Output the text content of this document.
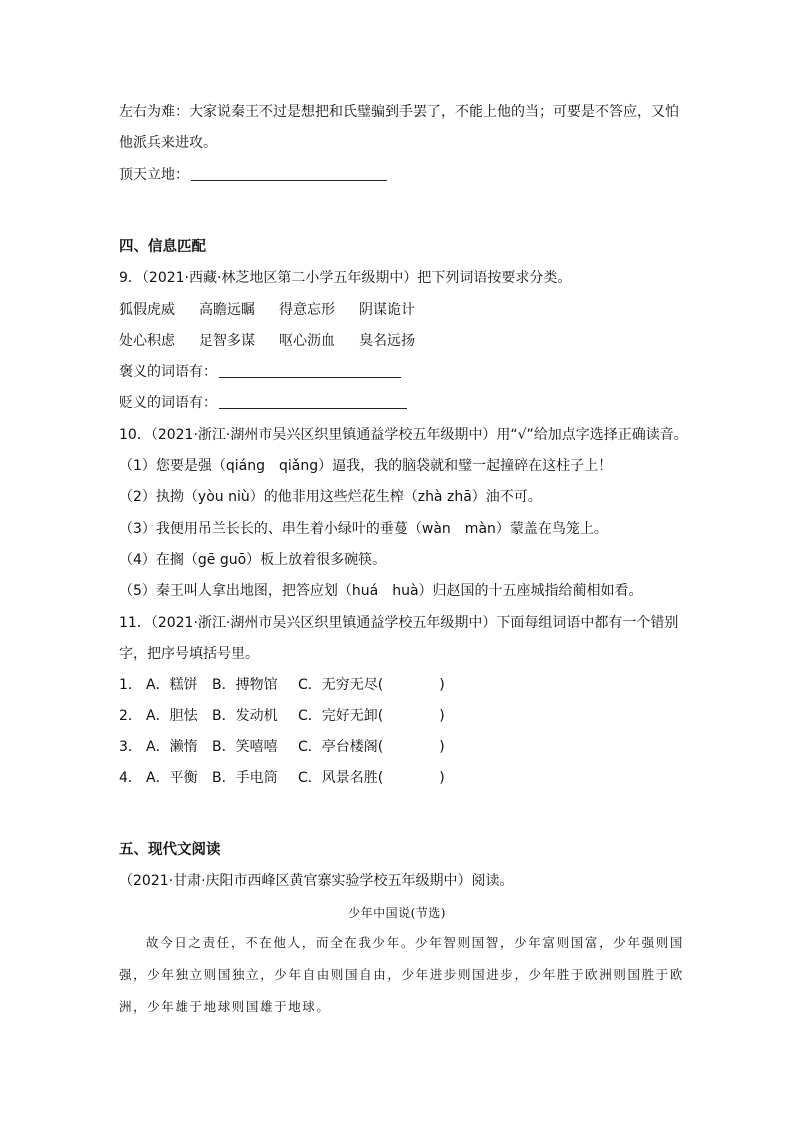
左右为难：大家说秦王不过是想把和氏璧骗到手罢了，不能上他的当；可要是不答应，又怕
他派兵来进攻。
顶天立地：
四、信息匹配
9．（2021·西藏·林芝地区第二小学五年级期中）把下列词语按要求分类。
狐假虎威 高瞻远瞩 得意忘形 阴谋诡计
处心积虑 足智多谋 呕心沥血 臭名远扬
褒义的词语有：
贬义的词语有：
10．（2021·浙江·湖州市吴兴区织里镇通益学校五年级期中）用“√”给加点字选择正确读音。
（1）您要是强（qiáng　qiǎng）逼我，我的脑袋就和璧一起撞碎在这柱子上！
（2）执拗（yòu niù）的他非用这些烂花生榨（zhà zhā）油不可。
（3）我便用吊兰长长的、串生着小绿叶的垂蔓（wàn　màn）蒙盖在鸟笼上。
（4）在搁（gē guō）板上放着很多碗筷。
（5）秦王叫人拿出地图，把答应划（huá　huà）归赵国的十五座城指给蔺相如看。
11．（2021·浙江·湖州市吴兴区织里镇通益学校五年级期中）下面每组词语中都有一个错别
字，把序号填括号里。
1． A．糕饼 B．搏物馆 C．无穷无尽(	)
2． A．胆怯 B．发动机 C．完好无卸(	)
3． A．濑惰 B．笑嘻嘻 C．亭台楼阁(	)
4． A．平衡 B．手电筒 C．风景名胜(	)
五、现代文阅读
（2021·甘肃·庆阳市西峰区黄官寨实验学校五年级期中）阅读。
少年中国说(节选)
故今日之责任，不在他人，而全在我少年。少年智则国智，少年富则国富，少年强则国强，少年独立则国独立，少年自由则国自由，少年进步则国进步，少年胜于欧洲则国胜于欧洲，少年雄于地球则国雄于地球。
